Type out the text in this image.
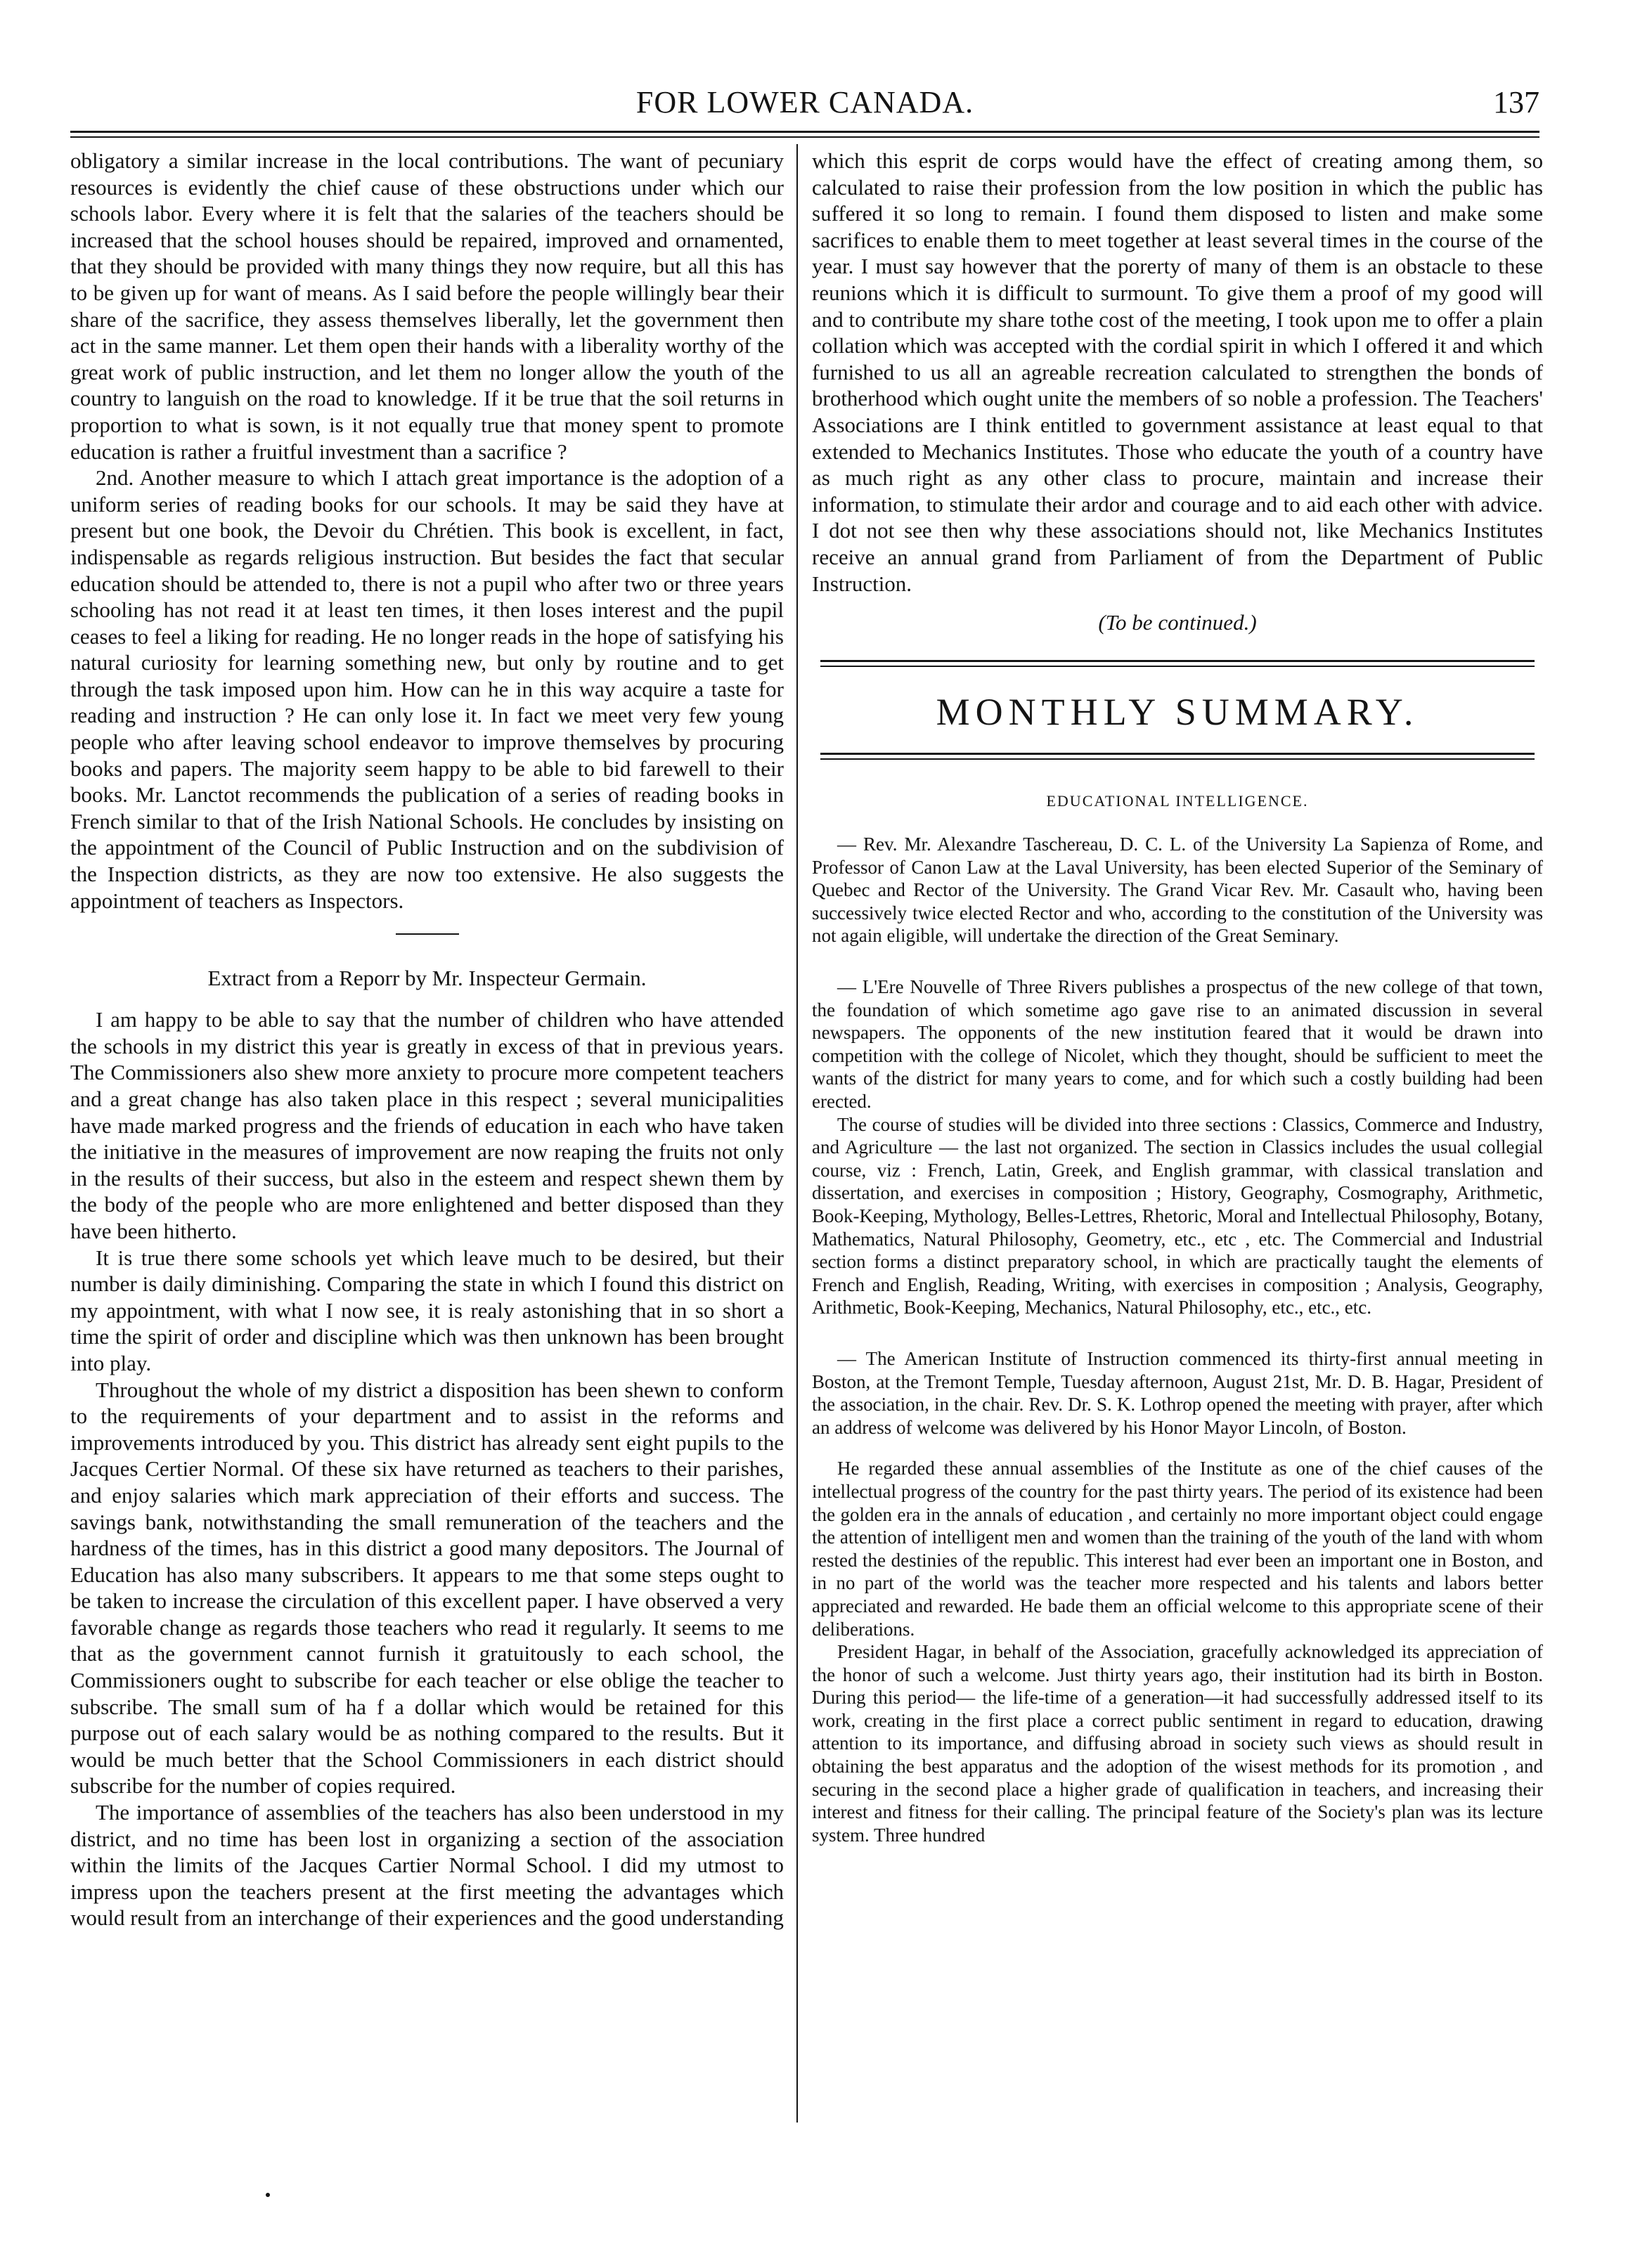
FOR LOWER CANADA.	137

obligatory a similar increase in the local contributions. The want of pecuniary resources is evidently the chief cause of these obstructions under which our schools labor. Every where it is felt that the salaries of the teachers should be increased that the school houses should be repaired, improved and ornamented, that they should be provided with many things they now require, but all this has to be given up for want of means. As I said before the people willingly bear their share of the sacrifice, they assess themselves liberally, let the government then act in the same manner. Let them open their hands with a liberality worthy of the great work of public instruction, and let them no longer allow the youth of the country to languish on the road to knowledge. If it be true that the soil returns in proportion to what is sown, is it not equally true that money spent to promote education is rather a fruitful investment than a sacrifice ?

2nd. Another measure to which I attach great importance is the adoption of a uniform series of reading books for our schools. It may be said they have at present but one book, the Devoir du Chrétien. This book is excellent, in fact, indispensable as regards religious instruction. But besides the fact that secular education should be attended to, there is not a pupil who after two or three years schooling has not read it at least ten times, it then loses interest and the pupil ceases to feel a liking for reading. He no longer reads in the hope of satisfying his natural curiosity for learning something new, but only by routine and to get through the task imposed upon him. How can he in this way acquire a taste for reading and instruction ? He can only lose it. In fact we meet very few young people who after leaving school endeavor to improve themselves by procuring books and papers. The majority seem happy to be able to bid farewell to their books. Mr. Lanctot recommends the publication of a series of reading books in French similar to that of the Irish National Schools. He concludes by insisting on the appointment of the Council of Public Instruction and on the subdivision of the Inspection districts, as they are now too extensive. He also suggests the appointment of teachers as Inspectors.

Extract from a Reporr by Mr. Inspecteur Germain.

I am happy to be able to say that the number of children who have attended the schools in my district this year is greatly in excess of that in previous years. The Commissioners also shew more anxiety to procure more competent teachers and a great change has also taken place in this respect ; several municipalities have made marked progress and the friends of education in each who have taken the initiative in the measures of improvement are now reaping the fruits not only in the results of their success, but also in the esteem and respect shewn them by the body of the people who are more enlightened and better disposed than they have been hitherto.

It is true there some schools yet which leave much to be desired, but their number is daily diminishing. Comparing the state in which I found this district on my appointment, with what I now see, it is realy astonishing that in so short a time the spirit of order and discipline which was then unknown has been brought into play.

Throughout the whole of my district a disposition has been shewn to conform to the requirements of your department and to assist in the reforms and improvements introduced by you. This district has already sent eight pupils to the Jacques Certier Normal. Of these six have returned as teachers to their parishes, and enjoy salaries which mark appreciation of their efforts and success. The savings bank, notwithstanding the small remuneration of the teachers and the hardness of the times, has in this district a good many depositors. The Journal of Education has also many subscribers. It appears to me that some steps ought to be taken to increase the circulation of this excellent paper. I have observed a very favorable change as regards those teachers who read it regularly. It seems to me that as the government cannot furnish it gratuitously to each school, the Commissioners ought to subscribe for each teacher or else oblige the teacher to subscribe. The small sum of ha f a dollar which would be retained for this purpose out of each salary would be as nothing compared to the results. But it would be much better that the School Commissioners in each district should subscribe for the number of copies required.

The importance of assemblies of the teachers has also been understood in my district, and no time has been lost in organizing a section of the association within the limits of the Jacques Cartier Normal School. I did my utmost to impress upon the teachers present at the first meeting the advantages which would result from an interchange of their experiences and the good understanding

which this esprit de corps would have the effect of creating among them, so calculated to raise their profession from the low position in which the public has suffered it so long to remain. I found them disposed to listen and make some sacrifices to enable them to meet together at least several times in the course of the year. I must say however that the porerty of many of them is an obstacle to these reunions which it is difficult to surmount. To give them a proof of my good will and to contribute my share tothe cost of the meeting, I took upon me to offer a plain collation which was accepted with the cordial spirit in which I offered it and which furnished to us all an agreable recreation calculated to strengthen the bonds of brotherhood which ought unite the members of so noble a profession. The Teachers' Associations are I think entitled to government assistance at least equal to that extended to Mechanics Institutes. Those who educate the youth of a country have as much right as any other class to procure, maintain and increase their information, to stimulate their ardor and courage and to aid each other with advice. I dot not see then why these associations should not, like Mechanics Institutes receive an annual grand from Parliament of from the Department of Public Instruction.

(To be continued.)
MONTHLY SUMMARY.
EDUCATIONAL INTELLIGENCE.

— Rev. Mr. Alexandre Taschereau, D. C. L. of the University La Sapienza of Rome, and Professor of Canon Law at the Laval University, has been elected Superior of the Seminary of Quebec and Rector of the University. The Grand Vicar Rev. Mr. Casault who, having been successively twice elected Rector and who, according to the constitution of the University was not again eligible, will undertake the direction of the Great Seminary.

— L'Ere Nouvelle of Three Rivers publishes a prospectus of the new college of that town, the foundation of which sometime ago gave rise to an animated discussion in several newspapers. The opponents of the new institution feared that it would be drawn into competition with the college of Nicolet, which they thought, should be sufficient to meet the wants of the district for many years to come, and for which such a costly building had been erected.

The course of studies will be divided into three sections : Classics, Commerce and Industry, and Agriculture — the last not organized. The section in Classics includes the usual collegial course, viz : French, Latin, Greek, and English grammar, with classical translation and dissertation, and exercises in composition ; History, Geography, Cosmography, Arithmetic, Book-Keeping, Mythology, Belles-Lettres, Rhetoric, Moral and Intellectual Philosophy, Botany, Mathematics, Natural Philosophy, Geometry, etc., etc , etc. The Commercial and Industrial section forms a distinct preparatory school, in which are practically taught the elements of French and English, Reading, Writing, with exercises in composition ; Analysis, Geography, Arithmetic, Book-Keeping, Mechanics, Natural Philosophy, etc., etc., etc.

— The American Institute of Instruction commenced its thirty-first annual meeting in Boston, at the Tremont Temple, Tuesday afternoon, August 21st, Mr. D. B. Hagar, President of the association, in the chair. Rev. Dr. S. K. Lothrop opened the meeting with prayer, after which an address of welcome was delivered by his Honor Mayor Lincoln, of Boston.

He regarded these annual assemblies of the Institute as one of the chief causes of the intellectual progress of the country for the past thirty years. The period of its existence had been the golden era in the annals of education , and certainly no more important object could engage the attention of intelligent men and women than the training of the youth of the land with whom rested the destinies of the republic. This interest had ever been an important one in Boston, and in no part of the world was the teacher more respected and his talents and labors better appreciated and rewarded. He bade them an official welcome to this appropriate scene of their deliberations.

President Hagar, in behalf of the Association, gracefully acknowledged its appreciation of the honor of such a welcome. Just thirty years ago, their institution had its birth in Boston. During this period— the life-time of a generation—it had successfully addressed itself to its work, creating in the first place a correct public sentiment in regard to education, drawing attention to its importance, and diffusing abroad in society such views as should result in obtaining the best apparatus and the adoption of the wisest methods for its promotion , and securing in the second place a higher grade of qualification in teachers, and increasing their interest and fitness for their calling. The principal feature of the Society's plan was its lecture system. Three hundred
